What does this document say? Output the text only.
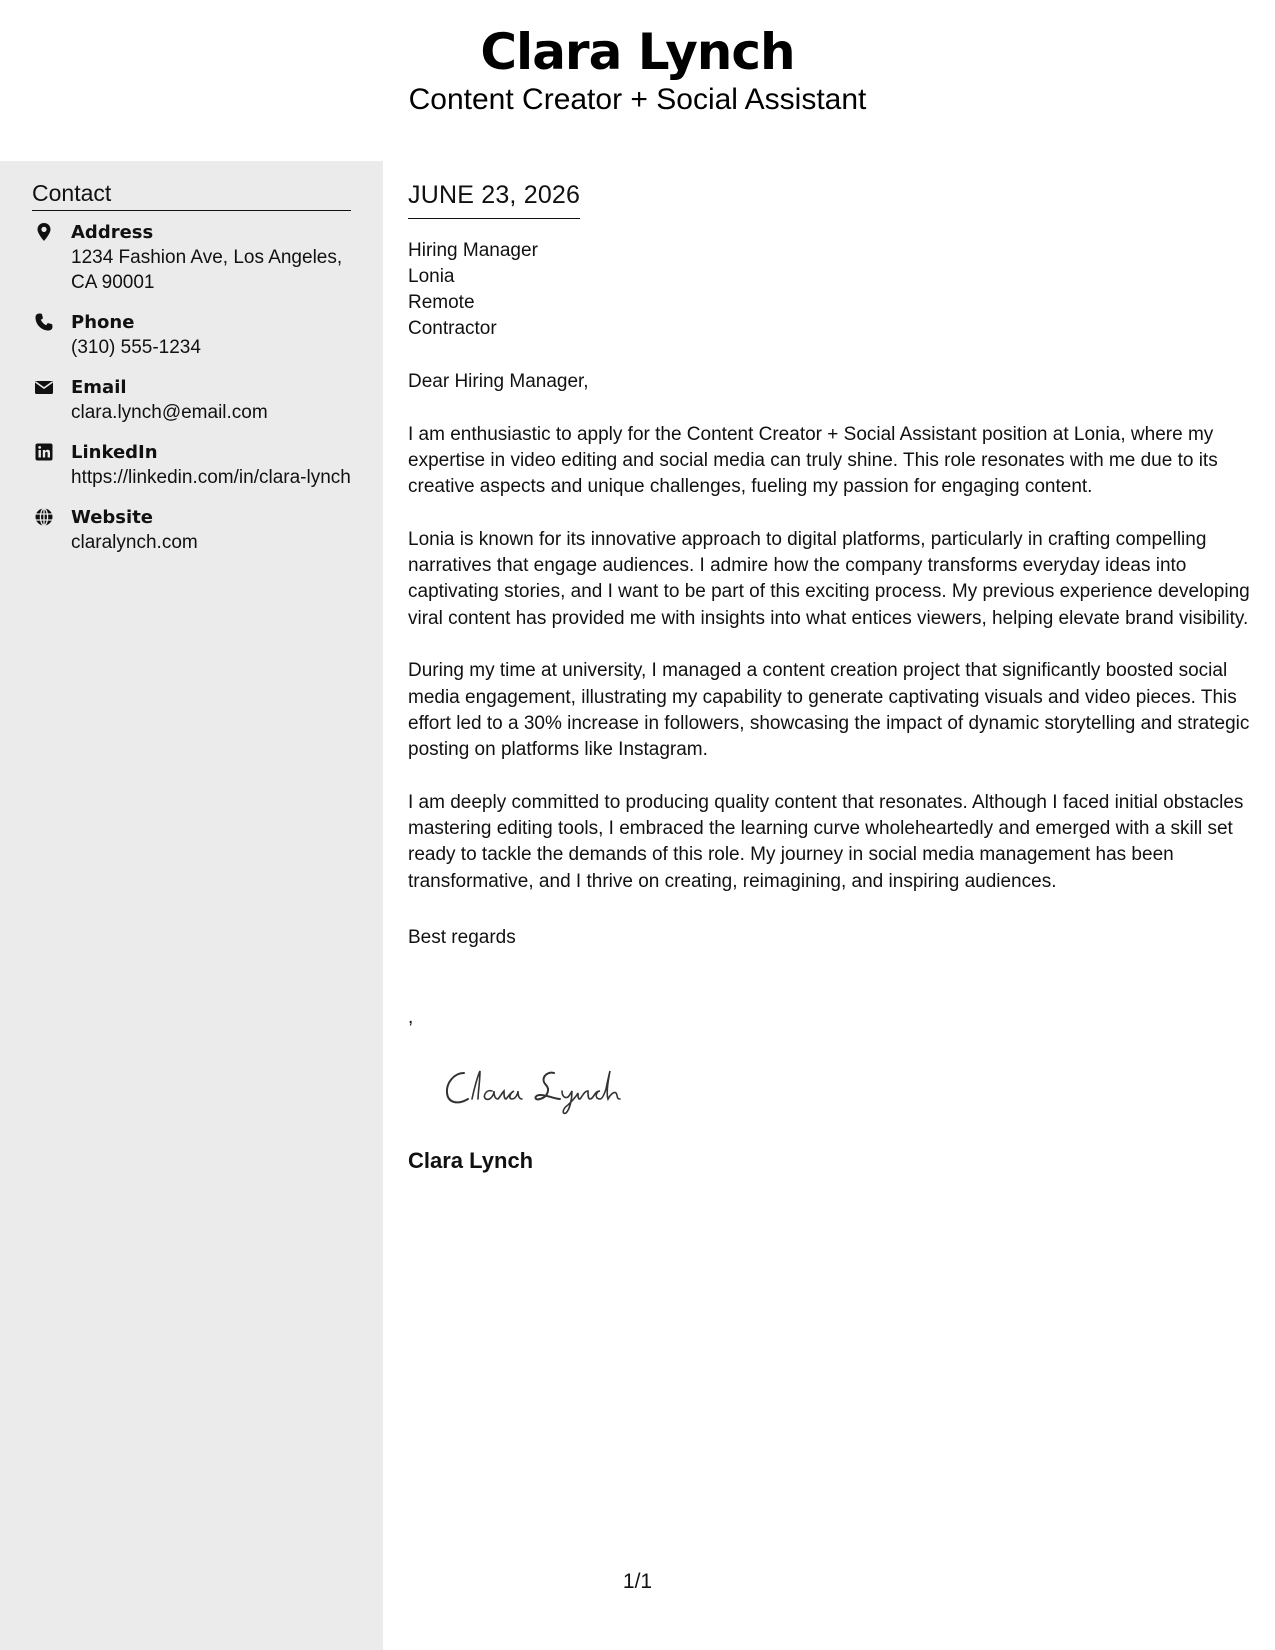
Clara Lynch
Content Creator + Social Assistant
Contact
Address
1234 Fashion Ave, Los Angeles, CA 90001
Phone
(310) 555-1234
Email
clara.lynch@email.com
LinkedIn
https://linkedin.com/in/clara-lynch
Website
claralynch.com
JUNE 23, 2026
Hiring Manager
Lonia
Remote
Contractor

Dear Hiring Manager,

I am enthusiastic to apply for the Content Creator + Social Assistant position at Lonia, where my expertise in video editing and social media can truly shine. This role resonates with me due to its creative aspects and unique challenges, fueling my passion for engaging content.

Lonia is known for its innovative approach to digital platforms, particularly in crafting compelling narratives that engage audiences. I admire how the company transforms everyday ideas into captivating stories, and I want to be part of this exciting process. My previous experience developing viral content has provided me with insights into what entices viewers, helping elevate brand visibility.

During my time at university, I managed a content creation project that significantly boosted social media engagement, illustrating my capability to generate captivating visuals and video pieces. This effort led to a 30% increase in followers, showcasing the impact of dynamic storytelling and strategic posting on platforms like Instagram.

I am deeply committed to producing quality content that resonates. Although I faced initial obstacles mastering editing tools, I embraced the learning curve wholeheartedly and emerged with a skill set ready to tackle the demands of this role. My journey in social media management has been transformative, and I thrive on creating, reimagining, and inspiring audiences.

Best regards
,
Clara Lynch
1/1
